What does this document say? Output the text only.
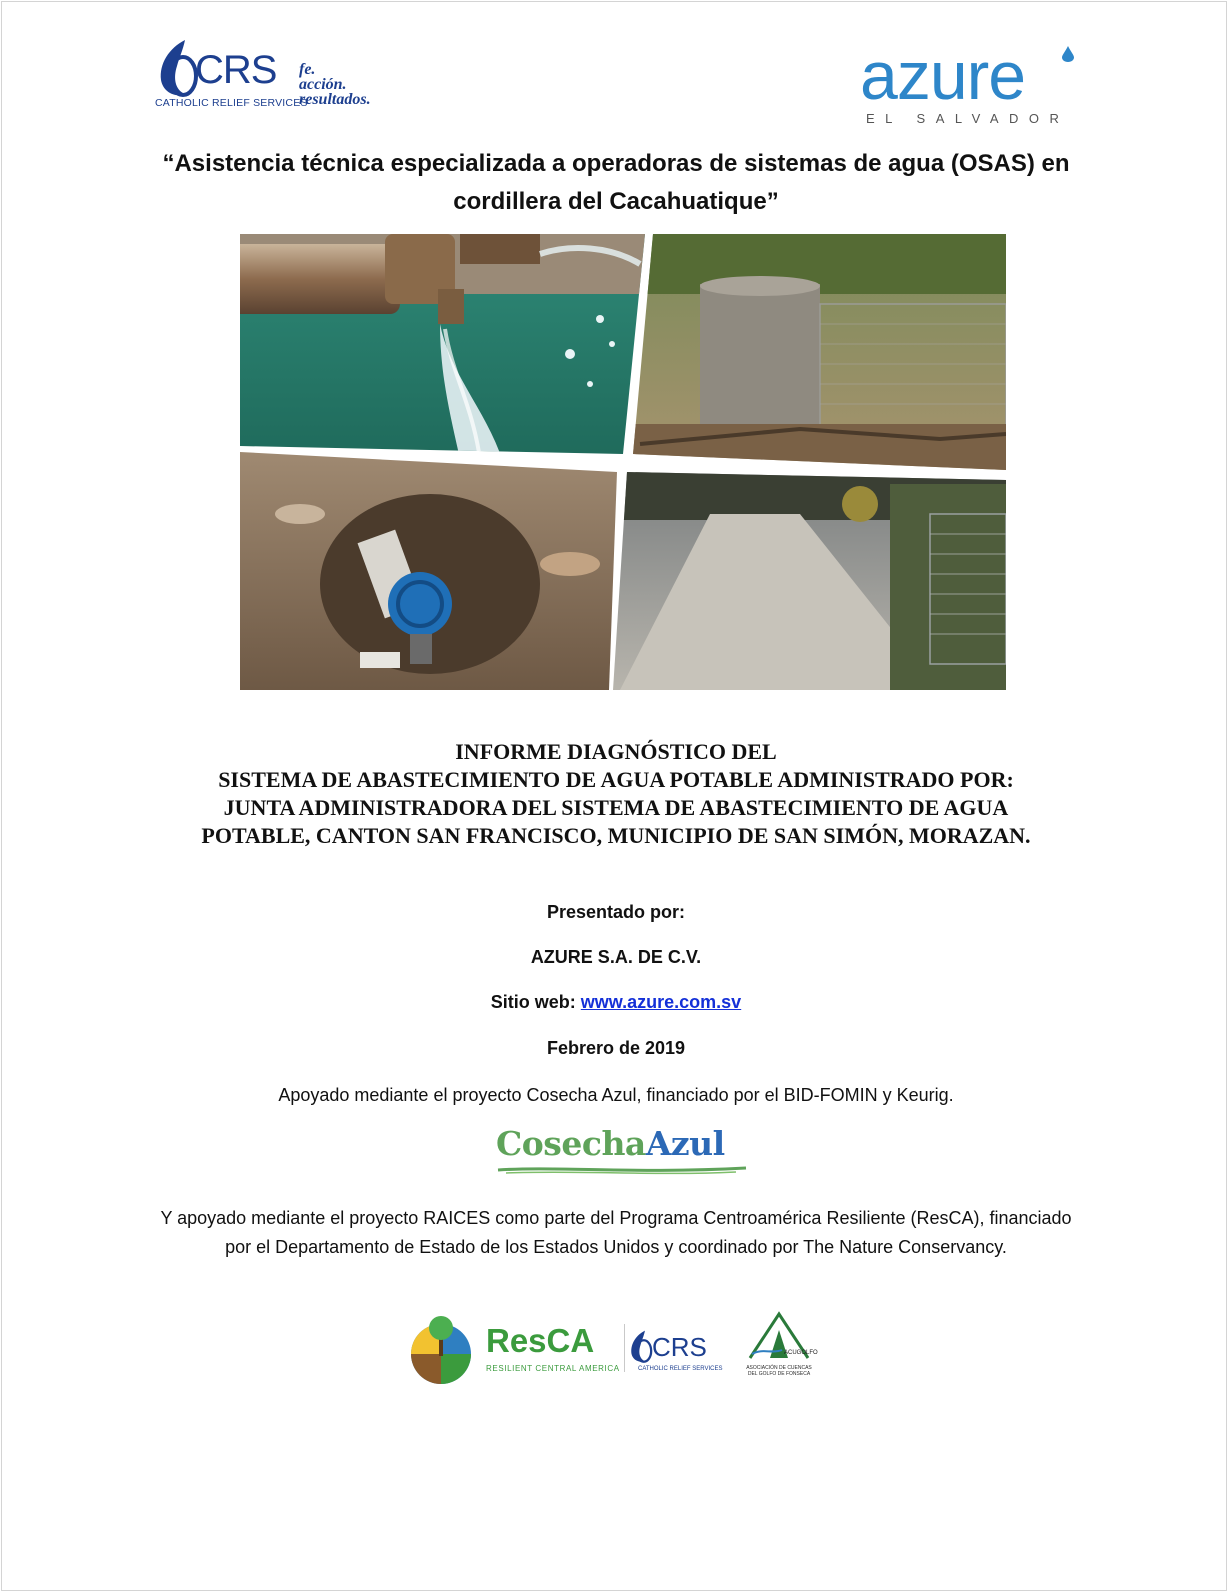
CRS
CATHOLIC RELIEF SERVICES
fe.
acción.
resultados.	azure
EL SALVADOR
“Asistencia técnica especializada a operadoras de sistemas de agua (OSAS) en cordillera del Cacahuatique”
INFORME DIAGNÓSTICO DEL
SISTEMA DE ABASTECIMIENTO DE AGUA POTABLE ADMINISTRADO POR:
JUNTA ADMINISTRADORA DEL SISTEMA DE ABASTECIMIENTO DE AGUA
POTABLE, CANTON SAN FRANCISCO, MUNICIPIO DE SAN SIMÓN, MORAZAN.

Presentado por:

AZURE S.A. DE C.V.

Sitio web: www.azure.com.sv

Febrero de 2019

Apoyado mediante el proyecto Cosecha Azul, financiado por el BID-FOMIN y Keurig.

CosechaAzul

Y apoyado mediante el proyecto RAICES como parte del Programa Centroamérica Resiliente (ResCA), financiado por el Departamento de Estado de los Estados Unidos y coordinado por The Nature Conservancy.

ResCA
RESILIENT CENTRAL AMERICA
CRS
CATHOLIC RELIEF SERVICES
ACUGOLFO
ASOCIACIÓN DE CUENCAS DEL GOLFO DE FONSECA
